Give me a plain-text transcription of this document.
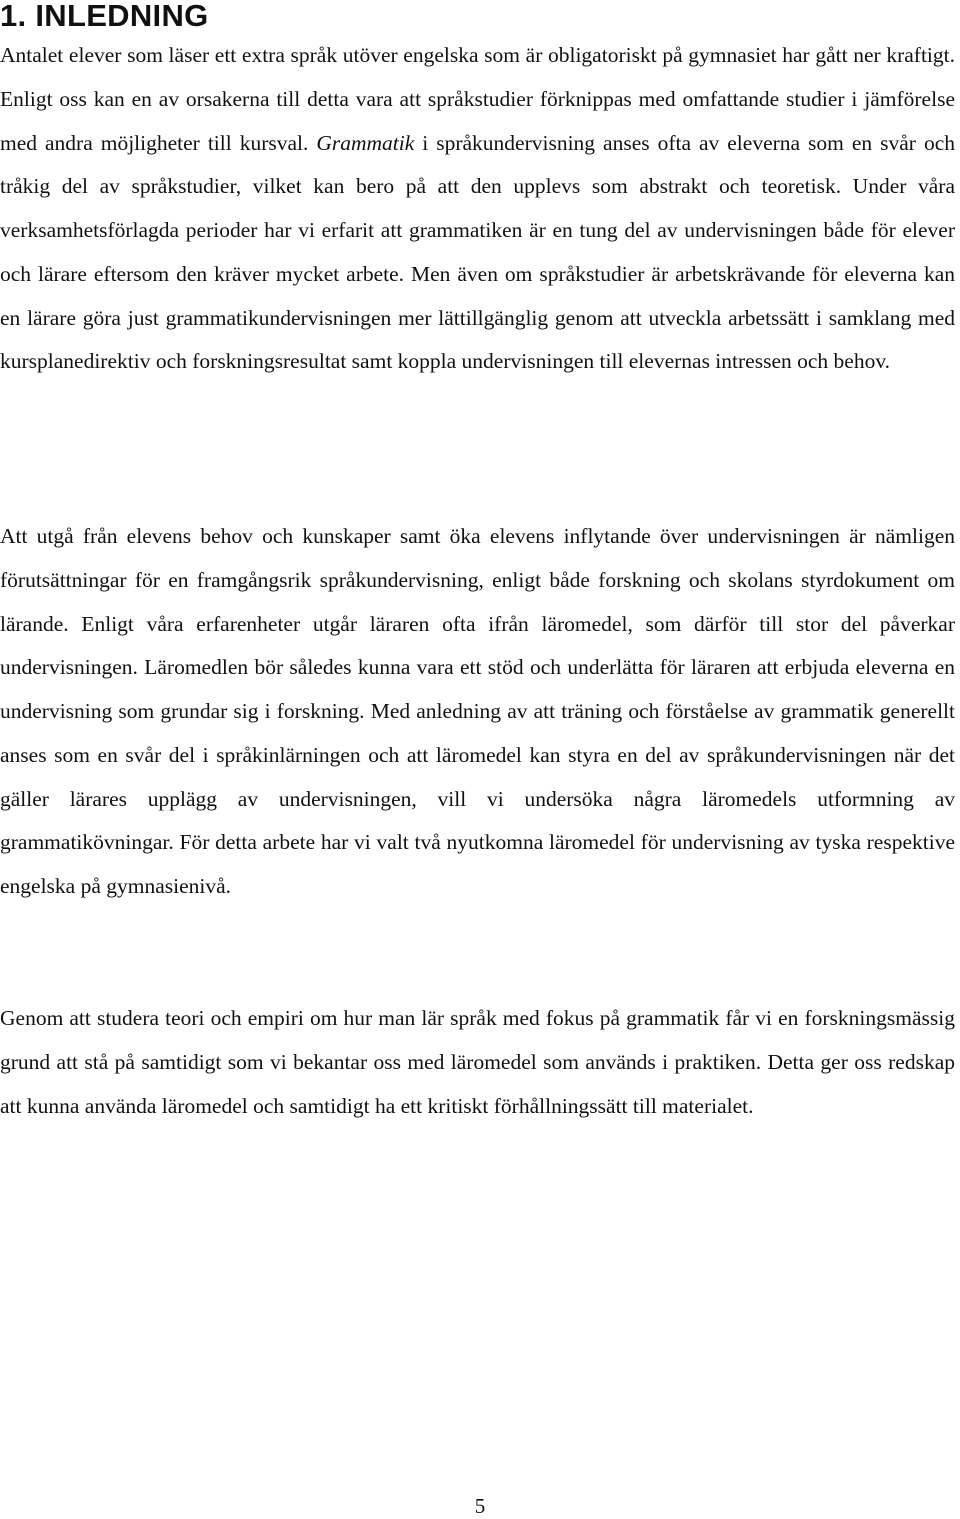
1. INLEDNING

Antalet elever som läser ett extra språk utöver engelska som är obligatoriskt på gymnasiet har gått ner kraftigt. Enligt oss kan en av orsakerna till detta vara att språkstudier förknippas med omfattande studier i jämförelse med andra möjligheter till kursval. Grammatik i språkundervisning anses ofta av eleverna som en svår och tråkig del av språkstudier, vilket kan bero på att den upplevs som abstrakt och teoretisk. Under våra verksamhetsförlagda perioder har vi erfarit att grammatiken är en tung del av undervisningen både för elever och lärare eftersom den kräver mycket arbete. Men även om språkstudier är arbetskrävande för eleverna kan en lärare göra just grammatikundervisningen mer lättillgänglig genom att utveckla arbetssätt i samklang med kursplanedirektiv och forskningsresultat samt koppla undervisningen till elevernas intressen och behov.

Att utgå från elevens behov och kunskaper samt öka elevens inflytande över undervisningen är nämligen förutsättningar för en framgångsrik språkundervisning, enligt både forskning och skolans styrdokument om lärande. Enligt våra erfarenheter utgår läraren ofta ifrån läromedel, som därför till stor del påverkar undervisningen. Läromedlen bör således kunna vara ett stöd och underlätta för läraren att erbjuda eleverna en undervisning som grundar sig i forskning. Med anledning av att träning och förståelse av grammatik generellt anses som en svår del i språkinlärningen och att läromedel kan styra en del av språkundervisningen när det gäller lärares upplägg av undervisningen, vill vi undersöka några läromedels utformning av grammatikövningar. För detta arbete har vi valt två nyutkomna läromedel för undervisning av tyska respektive engelska på gymnasienivå.

Genom att studera teori och empiri om hur man lär språk med fokus på grammatik får vi en forskningsmässig grund att stå på samtidigt som vi bekantar oss med läromedel som används i praktiken. Detta ger oss redskap att kunna använda läromedel och samtidigt ha ett kritiskt förhållningssätt till materialet.

5
